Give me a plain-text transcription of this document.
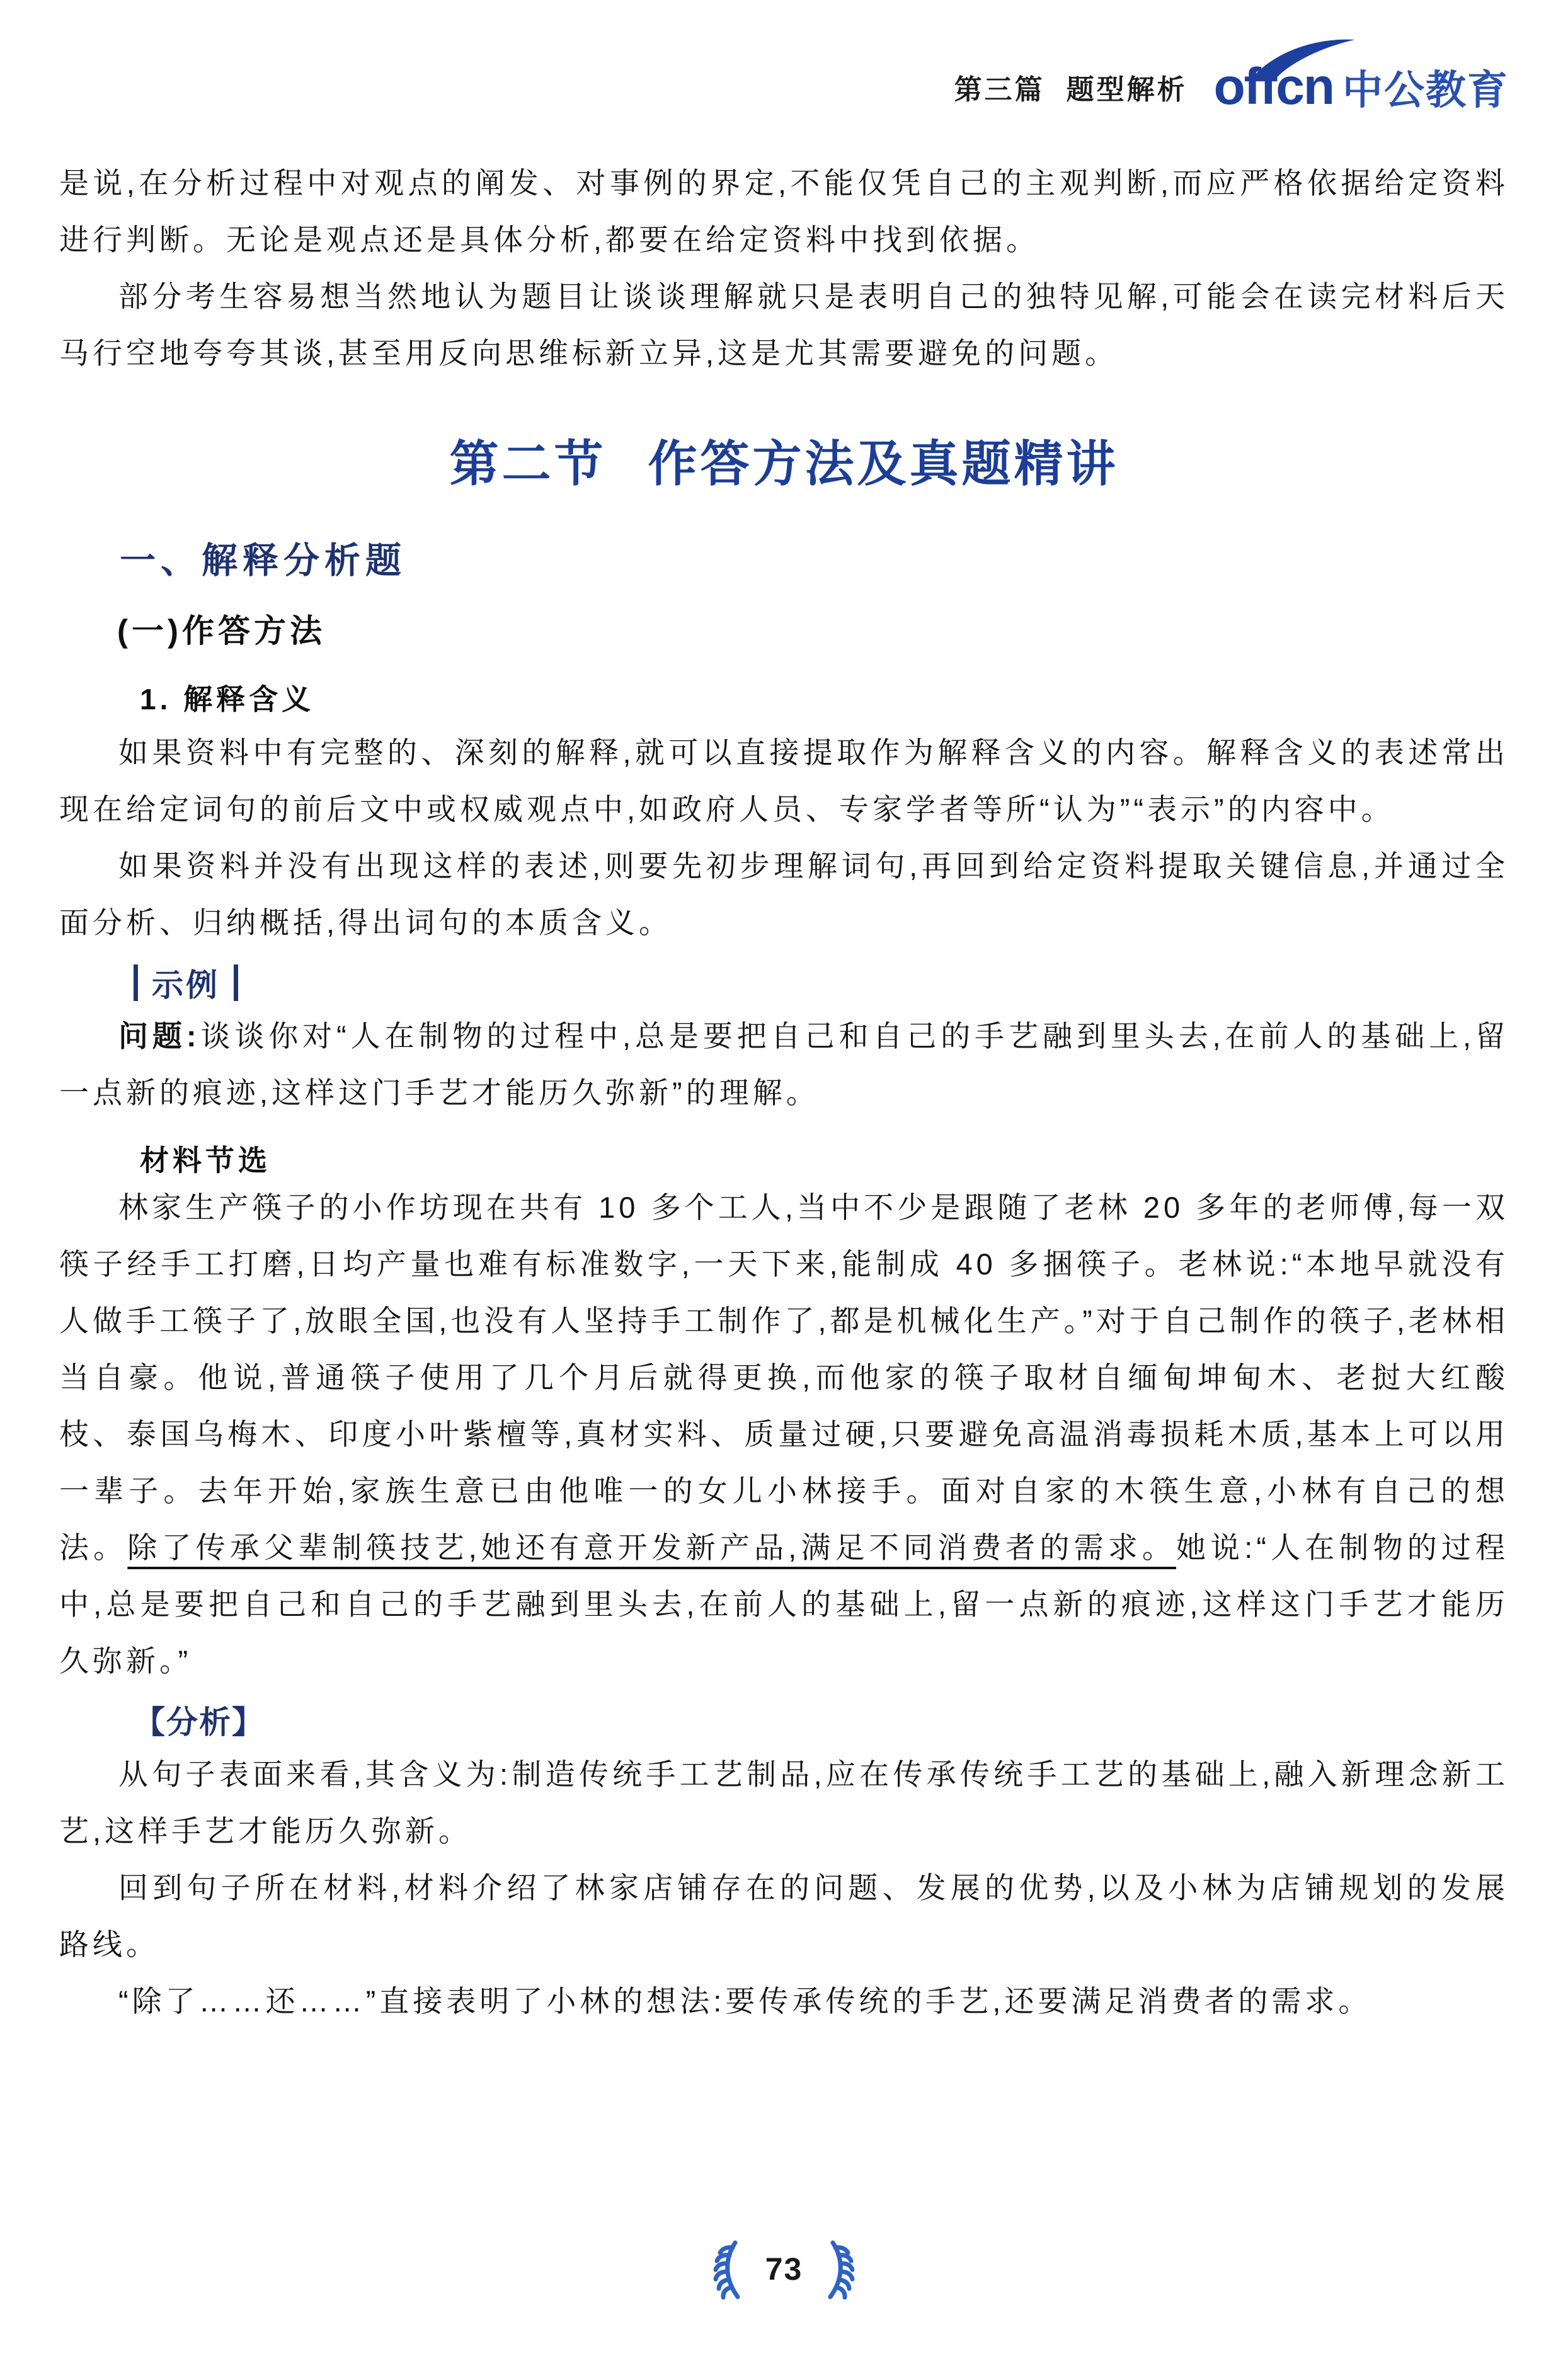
第三篇 题型解析 offcn 中公教育

是说,在分析过程中对观点的阐发、对事例的界定,不能仅凭自己的主观判断,而应严格依据给定资料进行判断。无论是观点还是具体分析,都要在给定资料中找到依据。

部分考生容易想当然地认为题目让谈谈理解就只是表明自己的独特见解,可能会在读完材料后天马行空地夸夸其谈,甚至用反向思维标新立异,这是尤其需要避免的问题。

第二节 作答方法及真题精讲
一、解释分析题
(一)作答方法
1. 解释含义

如果资料中有完整的、深刻的解释,就可以直接提取作为解释含义的内容。解释含义的表述常出现在给定词句的前后文中或权威观点中,如政府人员、专家学者等所“认为”“表示”的内容中。

如果资料并没有出现这样的表述,则要先初步理解词句,再回到给定资料提取关键信息,并通过全面分析、归纳概括,得出词句的本质含义。

示例

问题:谈谈你对“人在制物的过程中,总是要把自己和自己的手艺融到里头去,在前人的基础上,留一点新的痕迹,这样这门手艺才能历久弥新”的理解。

材料节选

林家生产筷子的小作坊现在共有 10 多个工人,当中不少是跟随了老林 20 多年的老师傅,每一双筷子经手工打磨,日均产量也难有标准数字,一天下来,能制成 40 多捆筷子。老林说:“本地早就没有人做手工筷子了,放眼全国,也没有人坚持手工制作了,都是机械化生产。”对于自己制作的筷子,老林相当自豪。他说,普通筷子使用了几个月后就得更换,而他家的筷子取材自缅甸坤甸木、老挝大红酸枝、泰国乌梅木、印度小叶紫檀等,真材实料、质量过硬,只要避免高温消毒损耗木质,基本上可以用一辈子。去年开始,家族生意已由他唯一的女儿小林接手。面对自家的木筷生意,小林有自己的想法。除了传承父辈制筷技艺,她还有意开发新产品,满足不同消费者的需求。她说:“人在制物的过程中,总是要把自己和自己的手艺融到里头去,在前人的基础上,留一点新的痕迹,这样这门手艺才能历久弥新。”

【分析】

从句子表面来看,其含义为:制造传统手工艺制品,应在传承传统手工艺的基础上,融入新理念新工艺,这样手艺才能历久弥新。

回到句子所在材料,材料介绍了林家店铺存在的问题、发展的优势,以及小林为店铺规划的发展路线。

“除了……还……”直接表明了小林的想法:要传承传统的手艺,还要满足消费者的需求。

73
